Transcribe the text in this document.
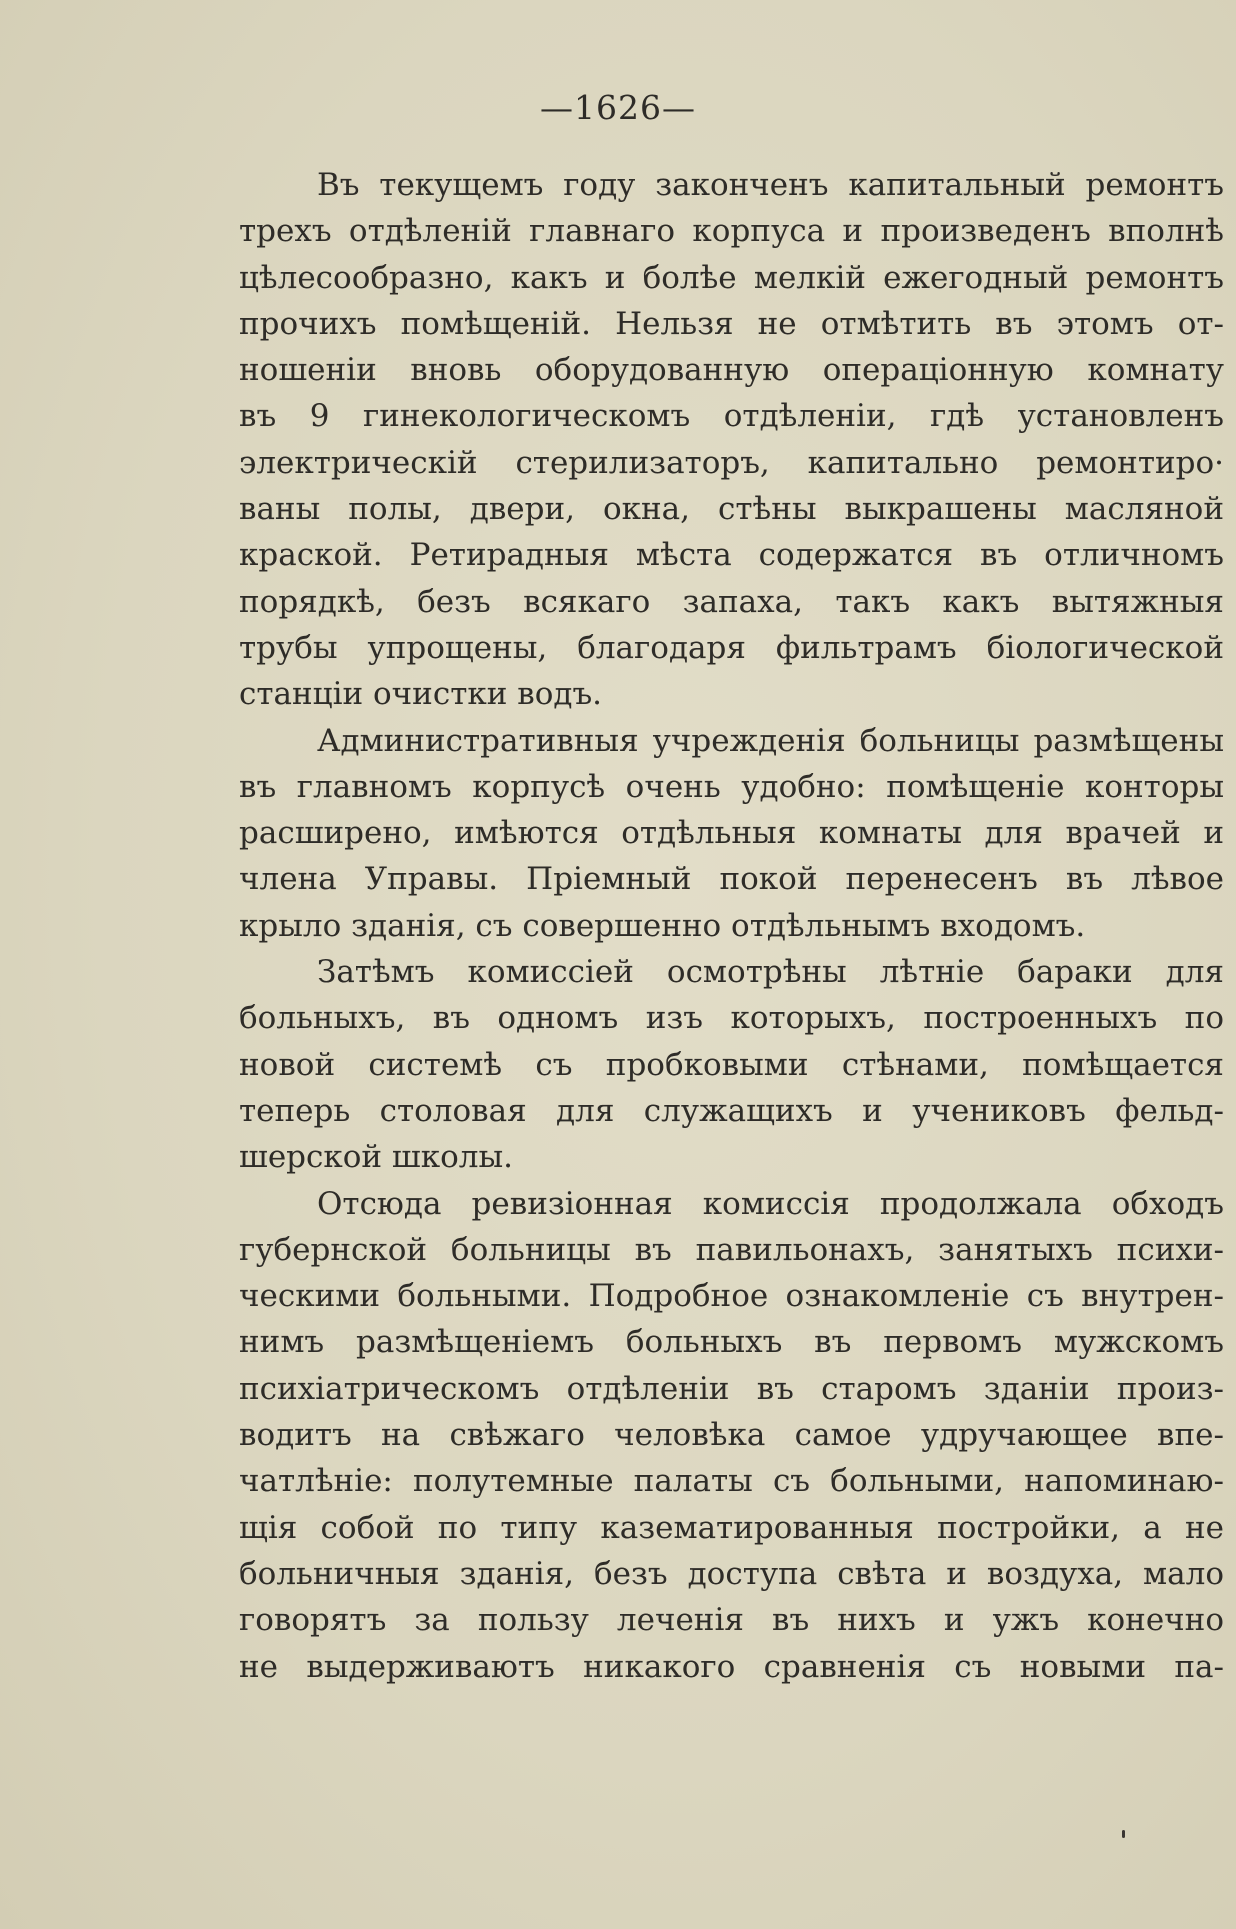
—1626—
Въ текущемъ году законченъ капитальный ремонтъ
трехъ отдѣленій главнаго корпуса и произведенъ вполнѣ
цѣлесообразно, какъ и болѣе мелкій ежегодный ремонтъ
прочихъ помѣщеній. Нельзя не отмѣтить въ этомъ от-
ношеніи вновь оборудованную операціонную комнату
въ 9 гинекологическомъ отдѣленіи, гдѣ установленъ
электрическій стерилизаторъ, капитально ремонтиро·
ваны полы, двери, окна, стѣны выкрашены масляной
краской. Ретирадныя мѣста содержатся въ отличномъ
порядкѣ, безъ всякаго запаха, такъ какъ вытяжныя
трубы упрощены, благодаря фильтрамъ біологической
станціи очистки водъ.
Административныя учрежденія больницы размѣщены
въ главномъ корпусѣ очень удобно: помѣщеніе конторы
расширено, имѣются отдѣльныя комнаты для врачей и
члена Управы. Пріемный покой перенесенъ въ лѣвое
крыло зданія, съ совершенно отдѣльнымъ входомъ.
Затѣмъ комиссіей осмотрѣны лѣтніе бараки для
больныхъ, въ одномъ изъ которыхъ, построенныхъ по
новой системѣ съ пробковыми стѣнами, помѣщается
теперь столовая для служащихъ и учениковъ фельд-
шерской школы.
Отсюда ревизіонная комиссія продолжала обходъ
губернской больницы въ павильонахъ, занятыхъ психи-
ческими больными. Подробное ознакомленіе съ внутрен-
нимъ размѣщеніемъ больныхъ въ первомъ мужскомъ
психіатрическомъ отдѣленіи въ старомъ зданіи произ-
водитъ на свѣжаго человѣка самое удручающее впе-
чатлѣніе: полутемные палаты съ больными, напоминаю-
щія собой по типу казематированныя постройки, а не
больничныя зданія, безъ доступа свѣта и воздуха, мало
говорятъ за пользу леченія въ нихъ и ужъ конечно
не выдерживаютъ никакого сравненія съ новыми па-
